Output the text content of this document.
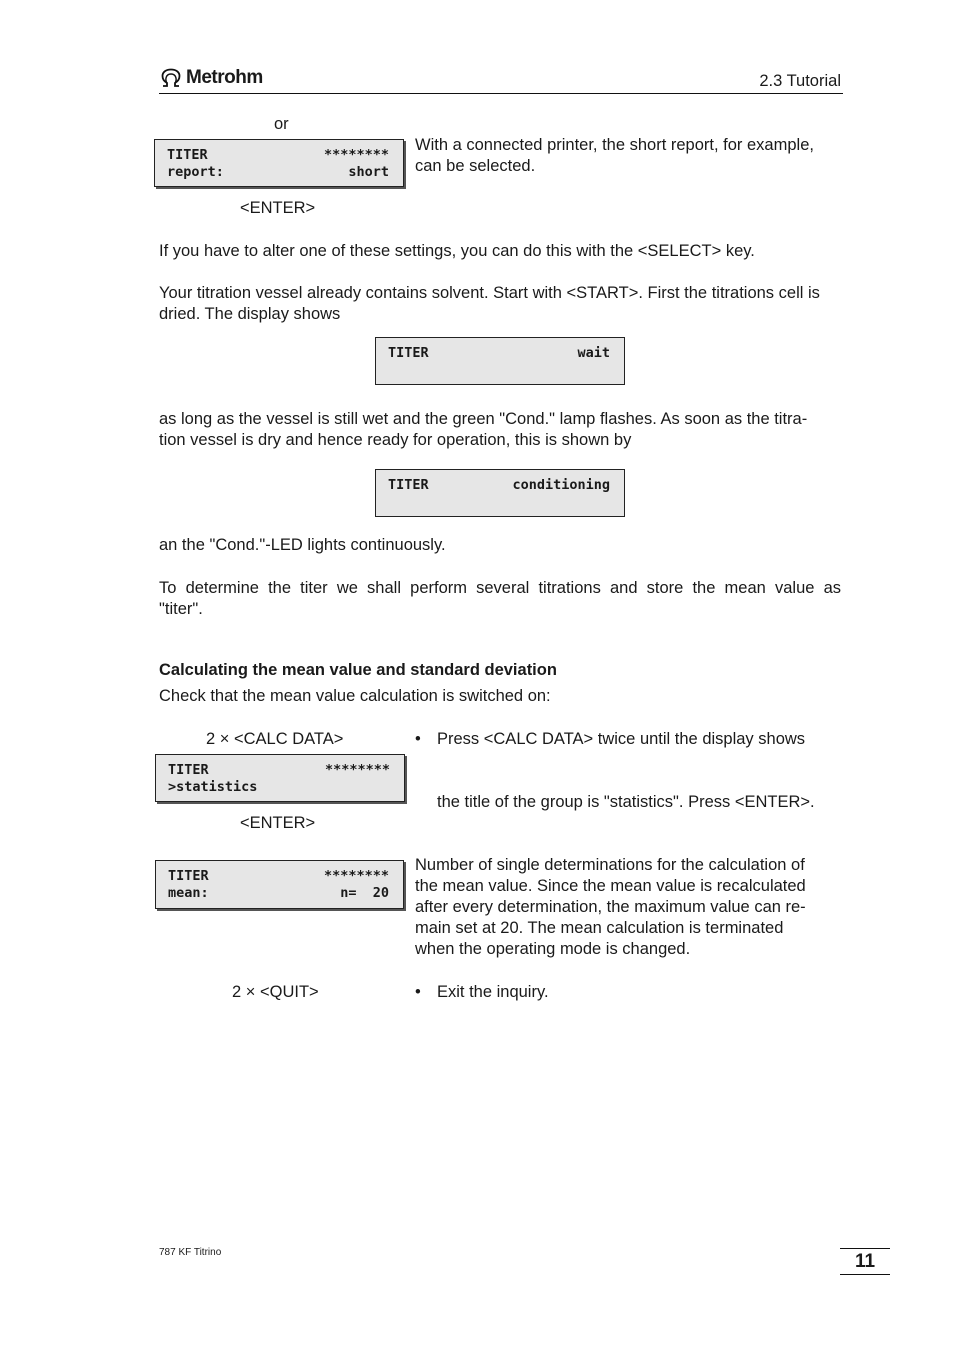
Metrohm	2.3 Tutorial
or
TITER	********
report:	short
With a connected printer, the short report, for example, can be selected.
<ENTER>
If you have to alter one of these settings, you can do this with the <SELECT> key.
Your titration vessel already contains solvent. Start with <START>. First the titrations cell is dried. The display shows
TITER	wait
as long as the vessel is still wet and the green "Cond." lamp flashes. As soon as the titra-
tion vessel is dry and hence ready for operation, this is shown by
TITER	conditioning
an the "Cond."-LED lights continuously.
To determine the titer we shall perform several titrations and store the mean value as
"titer".
Calculating the mean value and standard deviation
Check that the mean value calculation is switched on:
2 × <CALC DATA>	• Press <CALC DATA> twice until the display shows
TITER	********
>statistics
the title of the group is "statistics". Press <ENTER>.
<ENTER>
TITER	********
mean:	n=  20
Number of single determinations for the calculation of
the mean value. Since the mean value is recalculated
after every determination, the maximum value can re-
main set at 20. The mean calculation is terminated
when the operating mode is changed.
2 × <QUIT>	• Exit the inquiry.
787 KF Titrino	11
